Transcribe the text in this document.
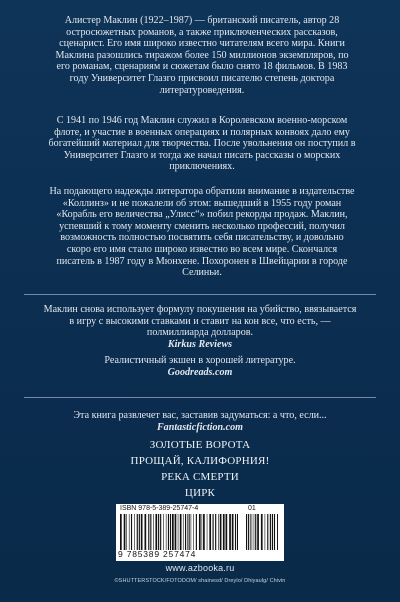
Алистер Маклин (1922–1987) — британский писатель, автор 28 остросюжетных романов, а также приключенческих рассказов, сценарист. Его имя широко известно читателям всего мира. Книги Маклина разошлись тиражом более 150 миллионов экземпляров, по его романам, сценариям и сюжетам было снято 18 фильмов. В 1983 году Университет Глазго присвоил писателю степень доктора литературоведения.

С 1941 по 1946 год Маклин служил в Королевском военно-морском флоте, и участие в военных операциях и полярных конвоях дало ему богатейший материал для творчества. После увольнения он поступил в Университет Глазго и тогда же начал писать рассказы о морских приключениях.

На подающего надежды литератора обратили внимание в издательстве «Коллинз» и не пожалели об этом: вышедший в 1955 году роман «Корабль его величества „Улисс“» побил рекорды продаж. Маклин, успевший к тому моменту сменить несколько профессий, получил возможность полностью посвятить себя писательству, и довольно скоро его имя стало широко известно во всем мире. Скончался писатель в 1987 году в Мюнхене. Похоронен в Швейцарии в городе Селиньи.

Маклин снова использует формулу покушения на убийство, ввязывается в игру с высокими ставками и ставит на кон все, что есть, — полмиллиарда долларов.
Kirkus Reviews
Реалистичный экшен в хорошей литературе.
Goodreads.com
Эта книга развлечет вас, заставив задуматься: а что, если...
Fantasticfiction.com
ЗОЛОТЫЕ ВОРОТА
ПРОЩАЙ, КАЛИФОРНИЯ!
РЕКА СМЕРТИ
ЦИРК
ISBN 978-5-389-25747-4	01
9 785389 257474
www.azbooka.ru
©SHUTTERSTOCK/FOTODOM/ shainesd/ Dreylo/ Dhiyaulg/ Chivin
